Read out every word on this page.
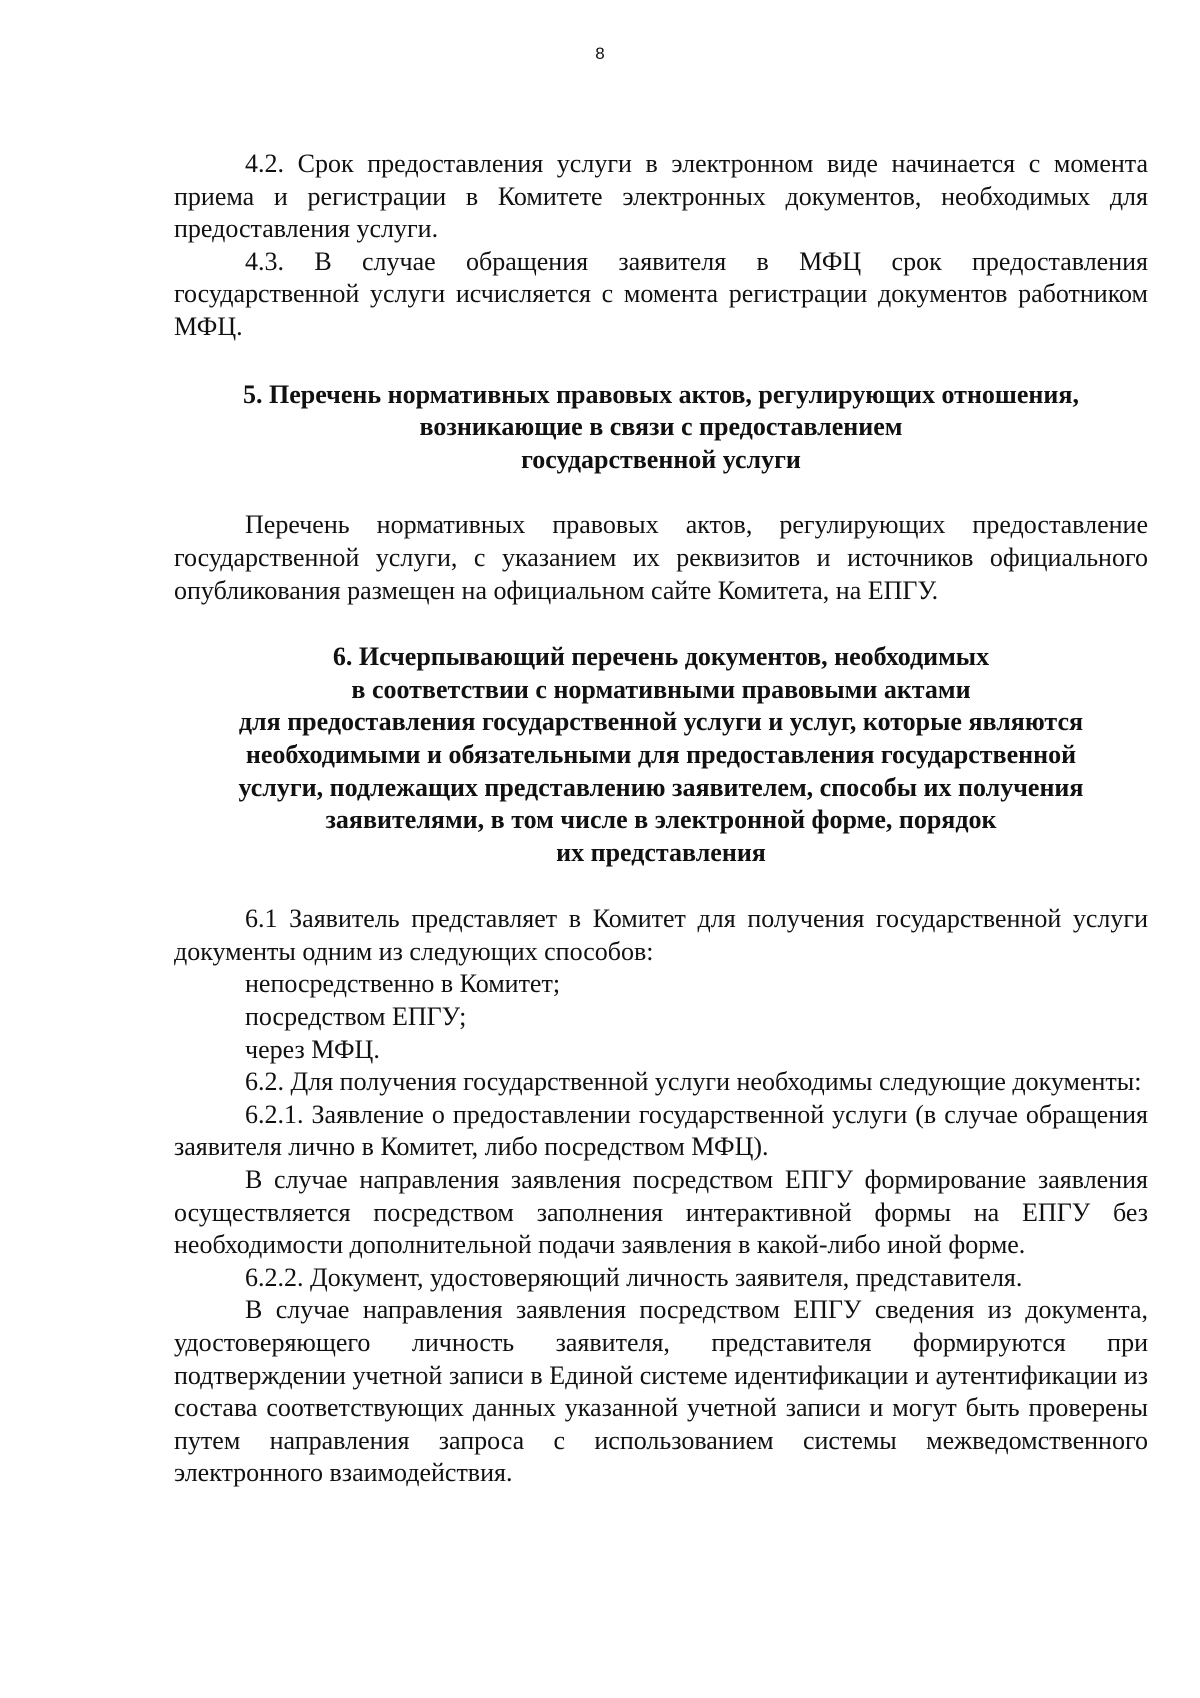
8

4.2. Срок предоставления услуги в электронном виде начинается с момента приема и регистрации в Комитете электронных документов, необходимых для предоставления услуги.

4.3. В случае обращения заявителя в МФЦ срок предоставления государственной услуги исчисляется с момента регистрации документов работником МФЦ.

5. Перечень нормативных правовых актов, регулирующих отношения,
возникающие в связи с предоставлением
государственной услуги

Перечень нормативных правовых актов, регулирующих предоставление государственной услуги, с указанием их реквизитов и источников официального опубликования размещен на официальном сайте Комитета, на ЕПГУ.

6. Исчерпывающий перечень документов, необходимых
в соответствии с нормативными правовыми актами
для предоставления государственной услуги и услуг, которые являются
необходимыми и обязательными для предоставления государственной
услуги, подлежащих представлению заявителем, способы их получения
заявителями, в том числе в электронной форме, порядок
их представления

6.1 Заявитель представляет в Комитет для получения государственной услуги документы одним из следующих способов:

непосредственно в Комитет;

посредством ЕПГУ;

через МФЦ.

6.2. Для получения государственной услуги необходимы следующие документы:

6.2.1. Заявление о предоставлении государственной услуги (в случае обращения заявителя лично в Комитет, либо посредством МФЦ).

В случае направления заявления посредством ЕПГУ формирование заявления осуществляется посредством заполнения интерактивной формы на ЕПГУ без необходимости дополнительной подачи заявления в какой-либо иной форме.

6.2.2. Документ, удостоверяющий личность заявителя, представителя.

В случае направления заявления посредством ЕПГУ сведения из документа, удостоверяющего личность заявителя, представителя формируются при подтверждении учетной записи в Единой системе идентификации и аутентификации из состава соответствующих данных указанной учетной записи и могут быть проверены путем направления запроса с использованием системы межведомственного электронного взаимодействия.
